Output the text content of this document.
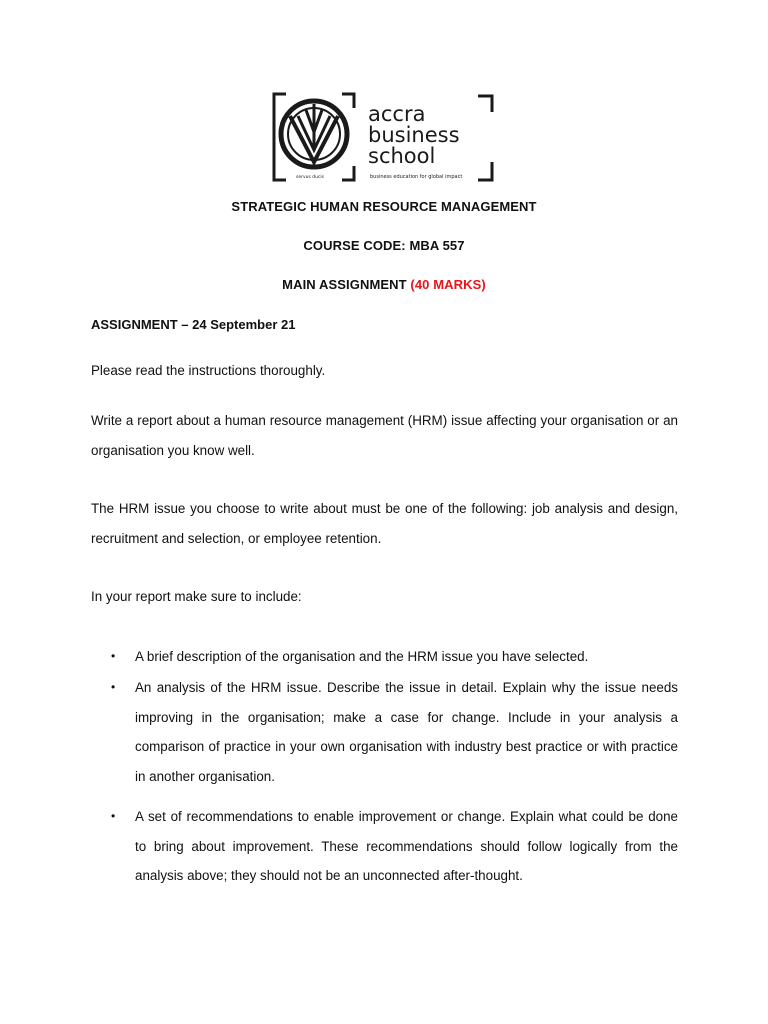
accra
business
school
servus ducis	business education for global impact
STRATEGIC HUMAN RESOURCE MANAGEMENT
COURSE CODE: MBA 557
MAIN ASSIGNMENT (40 MARKS)
ASSIGNMENT – 24 September 21
Please read the instructions thoroughly.
Write a report about a human resource management (HRM) issue affecting your organisation or an organisation you know well.
The HRM issue you choose to write about must be one of the following: job analysis and design, recruitment and selection, or employee retention.
In your report make sure to include:
• A brief description of the organisation and the HRM issue you have selected.
• An analysis of the HRM issue. Describe the issue in detail. Explain why the issue needs improving in the organisation; make a case for change. Include in your analysis a comparison of practice in your own organisation with industry best practice or with practice in another organisation.
• A set of recommendations to enable improvement or change. Explain what could be done to bring about improvement. These recommendations should follow logically from the analysis above; they should not be an unconnected after-thought.
